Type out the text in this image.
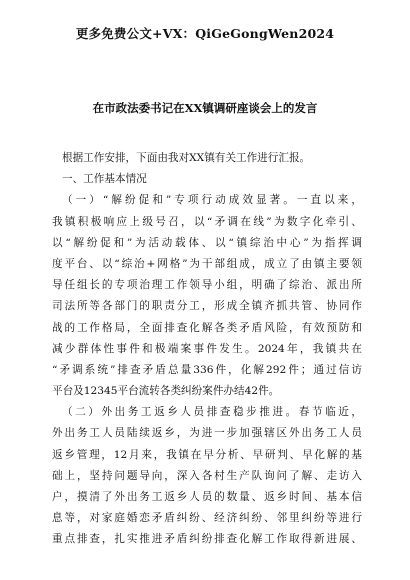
更多免费公文+VX：QiGeGongWen2024
在市政法委书记在XX镇调研座谈会上的发言
根据工作安排，下面由我对XX镇有关工作进行汇报。
一、工作基本情况
（一）“解纷促和”专项行动成效显著。一直以来，
我镇积极响应上级号召，以“矛调在线”为数字化牵引、
以“解纷促和”为活动载体、以“镇综治中心”为指挥调
度平台、以“综治+网格”为干部组成，成立了由镇主要领
导任组长的专项治理工作领导小组，明确了综治、派出所
司法所等各部门的职责分工，形成全镇齐抓共管、协同作
战的工作格局，全面排查化解各类矛盾风险，有效预防和
减少群体性事件和极端案事件发生。2024年，我镇共在
“矛调系统”排查矛盾总量336件，化解292件；通过信访
平台及12345平台流转各类纠纷案件办结42件。
（二）外出务工返乡人员排查稳步推进。春节临近，
外出务工人员陆续返乡，为进一步加强辖区外出务工人员
返乡管理，12月来，我镇在早分析、早研判、早化解的基
础上，坚持问题导向，深入各村生产队询问了解、走访入
户，摸清了外出务工返乡人员的数量、返乡时间、基本信
息等，对家庭婚恋矛盾纠纷、经济纠纷、邻里纠纷等进行
重点排查，扎实推进矛盾纠纷排查化解工作取得新进展、
